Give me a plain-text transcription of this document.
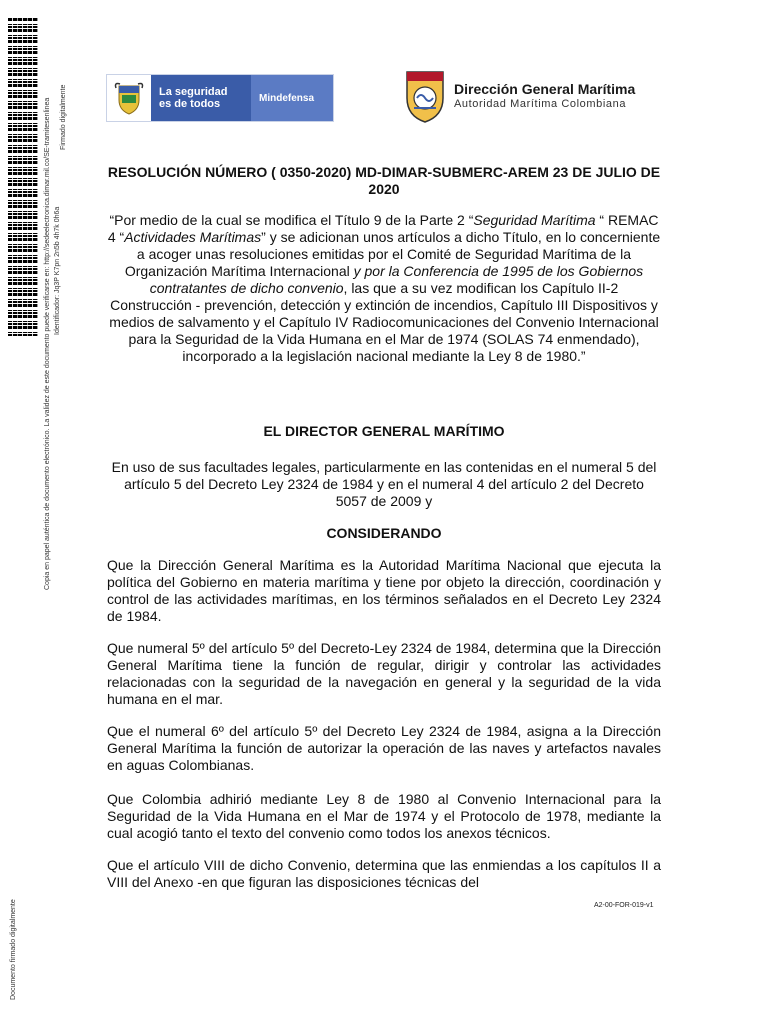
Copia en papel auténtica de documento electrónico. La validez de este documento puede verificarse en: http://sedeelectronica.dimar.mil.co/SE-tramitesenlinea Identificador: Jq3P K7pn 2n5b 4h7k 0h6a
Firmado digitalmente
Documento firmado digitalmente
La seguridad
es de todos	Mindefensa
Dirección General Marítima
Autoridad Marítima Colombiana
RESOLUCIÓN NÚMERO ( 0350-2020) MD-DIMAR-SUBMERC-AREM 23 DE JULIO DE 2020
“Por medio de la cual se modifica el Título 9 de la Parte 2 “Seguridad Marítima “ REMAC 4 “Actividades Marítimas” y se adicionan unos artículos a dicho Título, en lo concerniente a acoger unas resoluciones emitidas por el Comité de Seguridad Marítima de la Organización Marítima Internacional y por la Conferencia de 1995 de los Gobiernos contratantes de dicho convenio, las que a su vez modifican los Capítulo II-2 Construcción - prevención, detección y extinción de incendios, Capítulo III Dispositivos y medios de salvamento y el Capítulo IV Radiocomunicaciones del Convenio Internacional para la Seguridad de la Vida Humana en el Mar de 1974 (SOLAS 74 enmendado), incorporado a la legislación nacional mediante la Ley 8 de 1980.”
EL DIRECTOR GENERAL MARÍTIMO
En uso de sus facultades legales, particularmente en las contenidas en el numeral 5 del artículo 5 del Decreto Ley 2324 de 1984 y en el numeral 4 del artículo 2 del Decreto 5057 de 2009 y
CONSIDERANDO
Que la Dirección General Marítima es la Autoridad Marítima Nacional que ejecuta la política del Gobierno en materia marítima y tiene por objeto la dirección, coordinación y control de las actividades marítimas, en los términos señalados en el Decreto Ley 2324 de 1984.
Que numeral 5º del artículo 5º del Decreto-Ley 2324 de 1984, determina que la Dirección General Marítima tiene la función de regular, dirigir y controlar las actividades relacionadas con la seguridad de la navegación en general y la seguridad de la vida humana en el mar.
Que el numeral 6º del artículo 5º del Decreto Ley 2324 de 1984, asigna a la Dirección General Marítima la función de autorizar la operación de las naves y artefactos navales en aguas Colombianas.
Que Colombia adhirió mediante Ley 8 de 1980 al Convenio Internacional para la Seguridad de la Vida Humana en el Mar de 1974 y el Protocolo de 1978, mediante la cual acogió tanto el texto del convenio como todos los anexos técnicos.
Que el artículo VIII de dicho Convenio, determina que las enmiendas a los capítulos II a VIII del Anexo -en que figuran las disposiciones técnicas del
A2-00-FOR-019-v1
